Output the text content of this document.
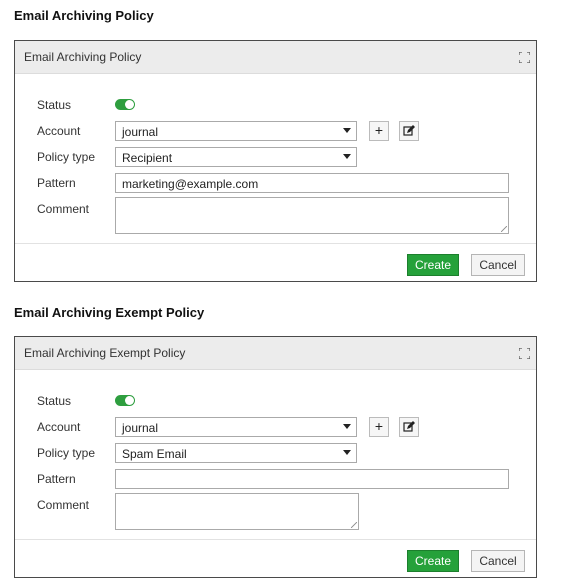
Email Archiving Policy
Email Archiving Policy
Status
Account	journal	+
Policy type	Recipient
Pattern	marketing@example.com
Comment
Create	Cancel
Email Archiving Exempt Policy
Email Archiving Exempt Policy
Status
Account	journal	+
Policy type	Spam Email
Pattern
Comment
Create	Cancel
